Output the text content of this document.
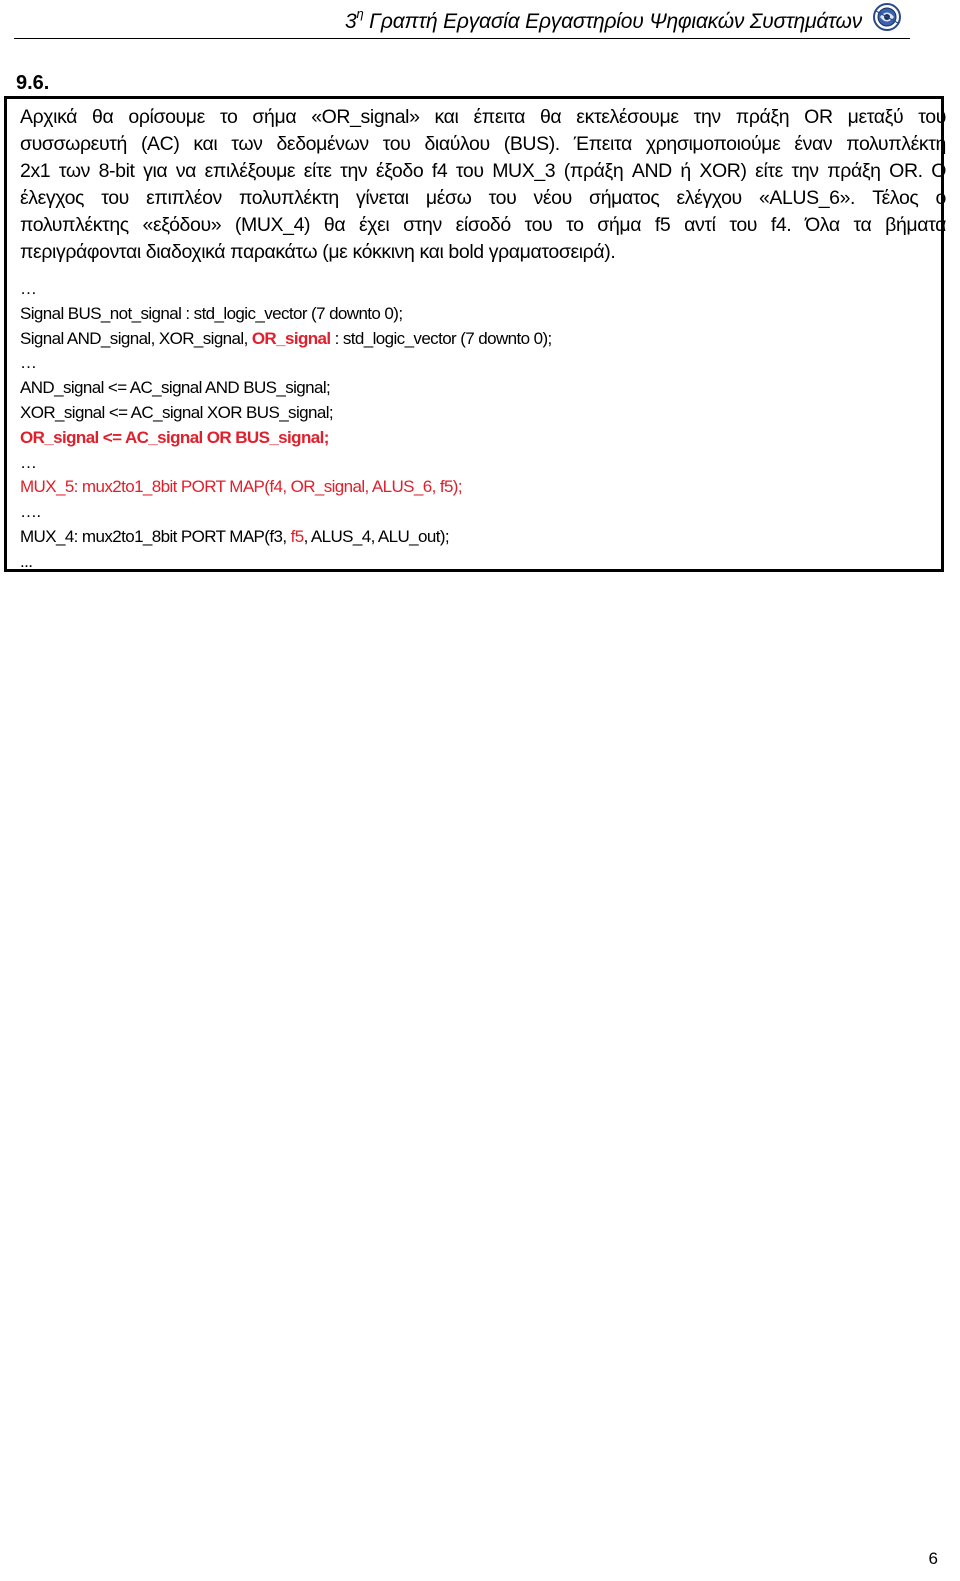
$3^\eta$ Γραπτή Εργασία Εργαστηρίου Ψηφιακών Συστημάτων
9.6.
Αρχικά θα ορίσουμε το σήμα «OR_signal» και έπειτα θα εκτελέσουμε την πράξη OR μεταξύ του
συσσωρευτή (AC) και των δεδομένων του διαύλου (BUS). Έπειτα χρησιμοποιούμε έναν πολυπλέκτη
2x1 των 8-bit για να επιλέξουμε είτε την έξοδο f4 του MUX_3 (πράξη AND ή XOR) είτε την πράξη OR. Ο
έλεγχος του επιπλέον πολυπλέκτη γίνεται μέσω του νέου σήματος ελέγχου «ALUS_6». Τέλος ο
πολυπλέκτης «εξόδου» (MUX_4) θα έχει στην είσοδό του το σήμα f5 αντί του f4. Όλα τα βήματα
περιγράφονται διαδοχικά παρακάτω (με κόκκινη και bold γραματοσειρά).
…
Signal BUS_not_signal : std_logic_vector (7 downto 0);
Signal AND_signal, XOR_signal, OR_signal : std_logic_vector (7 downto 0);
…
AND_signal <= AC_signal AND BUS_signal;
XOR_signal <= AC_signal XOR BUS_signal;
OR_signal <= AC_signal OR BUS_signal;
…
MUX_5: mux2to1_8bit PORT MAP(f4, OR_signal, ALUS_6, f5);
….
MUX_4: mux2to1_8bit PORT MAP(f3, f5, ALUS_4, ALU_out);
...
6
